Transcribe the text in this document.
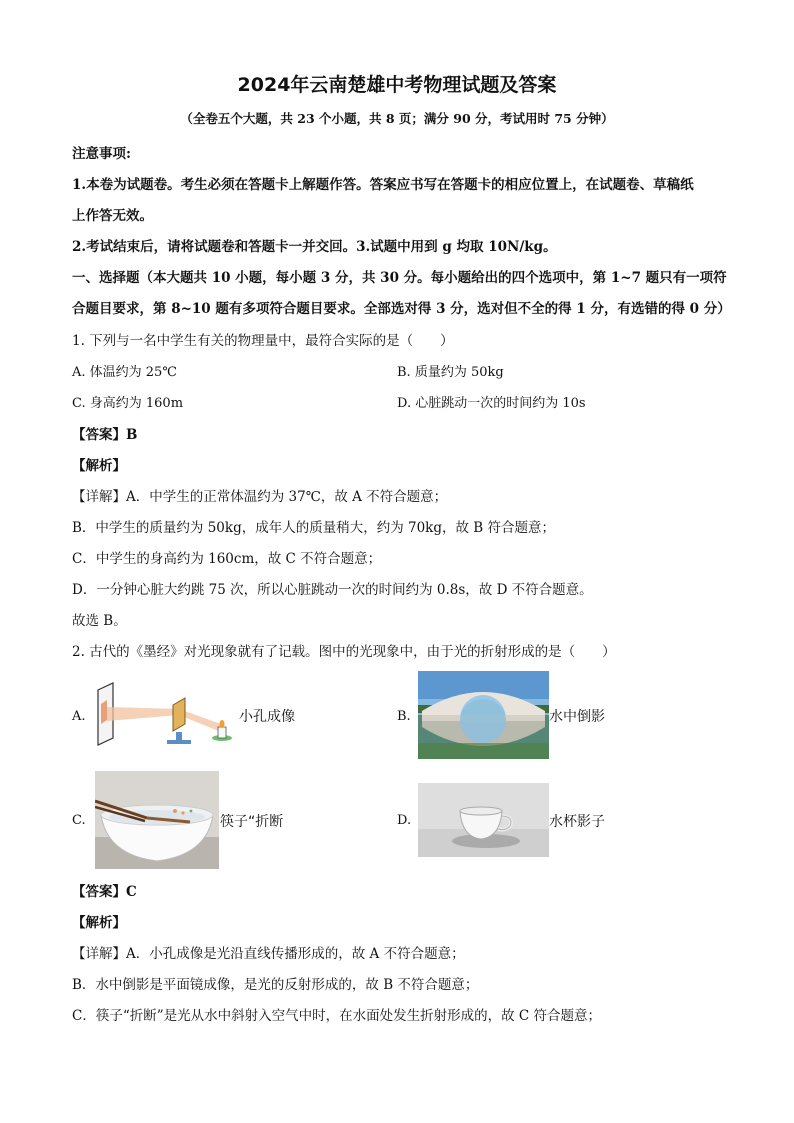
2024年云南楚雄中考物理试题及答案
（全卷五个大题，共 23 个小题，共 8 页；满分 90 分，考试用时 75 分钟）
注意事项:
1.本卷为试题卷。考生必须在答题卡上解题作答。答案应书写在答题卡的相应位置上，在试题卷、草稿纸
上作答无效。
2.考试结束后，请将试题卷和答题卡一并交回。3.试题中用到 g 均取 10N/kg。
一、选择题（本大题共 10 小题，每小题 3 分，共 30 分。每小题给出的四个选项中，第 1~7 题只有一项符
合题目要求，第 8~10 题有多项符合题目要求。全部选对得 3 分，选对但不全的得 1 分，有选错的得 0 分）
1. 下列与一名中学生有关的物理量中，最符合实际的是（　　）
A. 体温约为 25℃	B. 质量约为 50kg
C. 身高约为 160m	D. 心脏跳动一次的时间约为 10s
【答案】B
【解析】
【详解】A．中学生的正常体温约为 37℃，故 A 不符合题意；
B．中学生的质量约为 50kg，成年人的质量稍大，约为 70kg，故 B 符合题意；
C．中学生的身高约为 160cm，故 C 不符合题意；
D．一分钟心脏大约跳 75 次，所以心脏跳动一次的时间约为 0.8s，故 D 不符合题意。
故选 B。
2. 古代的《墨经》对光现象就有了记载。图中的光现象中，由于光的折射形成的是（　　）
A.	小孔成像	B.	水中倒影
C.	筷子“折断	D.	水杯影子
【答案】C
【解析】
【详解】A．小孔成像是光沿直线传播形成的，故 A 不符合题意；
B．水中倒影是平面镜成像，是光的反射形成的，故 B 不符合题意；
C．筷子“折断”是光从水中斜射入空气中时，在水面处发生折射形成的，故 C 符合题意；
